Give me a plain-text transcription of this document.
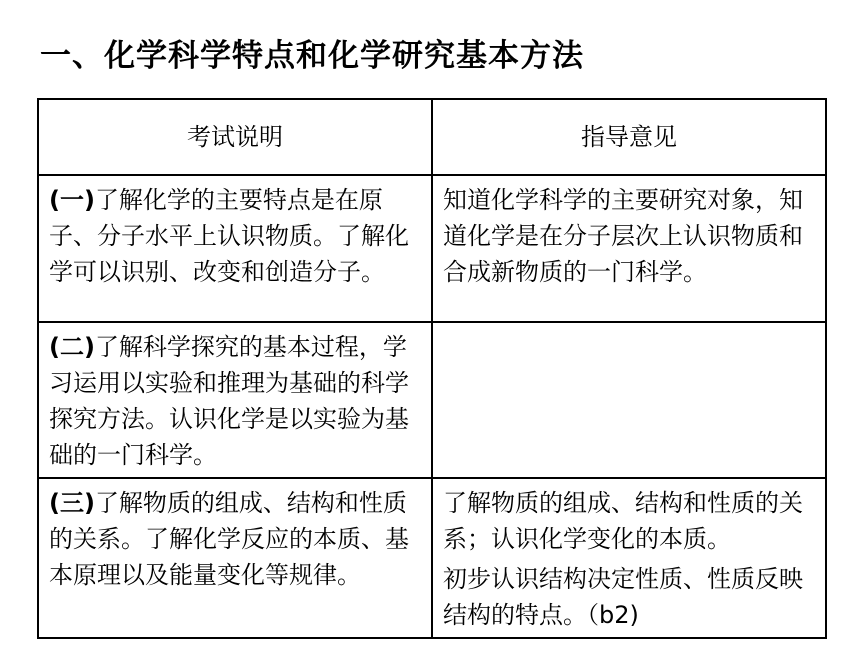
一、化学科学特点和化学研究基本方法
考试说明	指导意见
(一)了解化学的主要特点是在原子、分子水平上认识物质。了解化学可以识别、改变和创造分子。	知道化学科学的主要研究对象，知道化学是在分子层次上认识物质和合成新物质的一门科学。

(二)了解科学探究的基本过程，学习运用以实验和推理为基础的科学探究方法。认识化学是以实验为基础的一门科学。	
(三)了解物质的组成、结构和性质的关系。了解化学反应的本质、基本原理以及能量变化等规律。	了解物质的组成、结构和性质的关系；认识化学变化的本质。
初步认识结构决定性质、性质反映结构的特点。（b2)
